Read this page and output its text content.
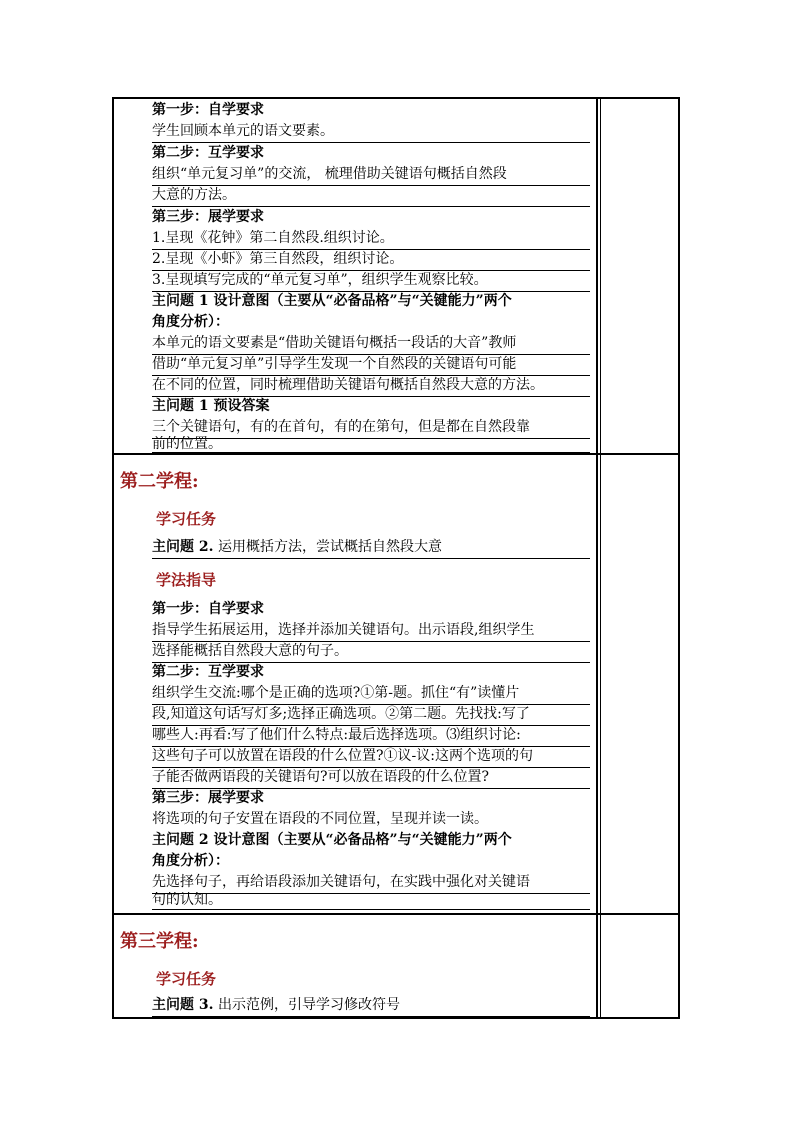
第一步：自学要求
学生回顾本单元的语文要素。
第二步：互学要求
组织“单元复习单”的交流， 梳理借助关键语句概括自然段
大意的方法。
第三步：展学要求
1.呈现《花钟》第二自然段.组织讨论。
2.呈现《小虾》第三自然段，组织讨论。
3.呈现填写完成的“单元复习单”，组织学生观察比较。
主问题 1 设计意图（主要从“必备品格”与“关键能力”两个
角度分析）：
本单元的语文要素是“借助关键语句概括一段话的大音”教师
借助“单元复习单”引导学生发现一个自然段的关键语句可能
在不同的位置，同时梳理借助关键语句概括自然段大意的方法。
主问题 1 预设答案
三个关键语句，有的在首句，有的在第句，但是都在自然段靠
前的位置。
第二学程:
学习任务
主问题 2. 运用概括方法，尝试概括自然段大意
学法指导
第一步：自学要求
指导学生拓展运用，选择并添加关键语句。出示语段,组织学生
选择能概括自然段大意的句子。
第二步：互学要求
组织学生交流:哪个是正确的选项?①第-题。抓住“有”读懂片
段,知道这句话写灯多;选择正确选项。②第二题。先找找:写了
哪些人:再看:写了他们什么特点:最后选择选项。⑶组织讨论:
这些句子可以放置在语段的什么位置?①议-议:这两个选项的句
子能否做两语段的关键语句?可以放在语段的什么位置?
第三步：展学要求
将选项的句子安置在语段的不同位置，呈现并读一读。
主问题 2 设计意图（主要从“必备品格”与“关键能力”两个
角度分析）：
先选择句子，再给语段添加关键语句，在实践中强化对关键语
句的认知。
第三学程:
学习任务
主问题 3. 出示范例，引导学习修改符号
